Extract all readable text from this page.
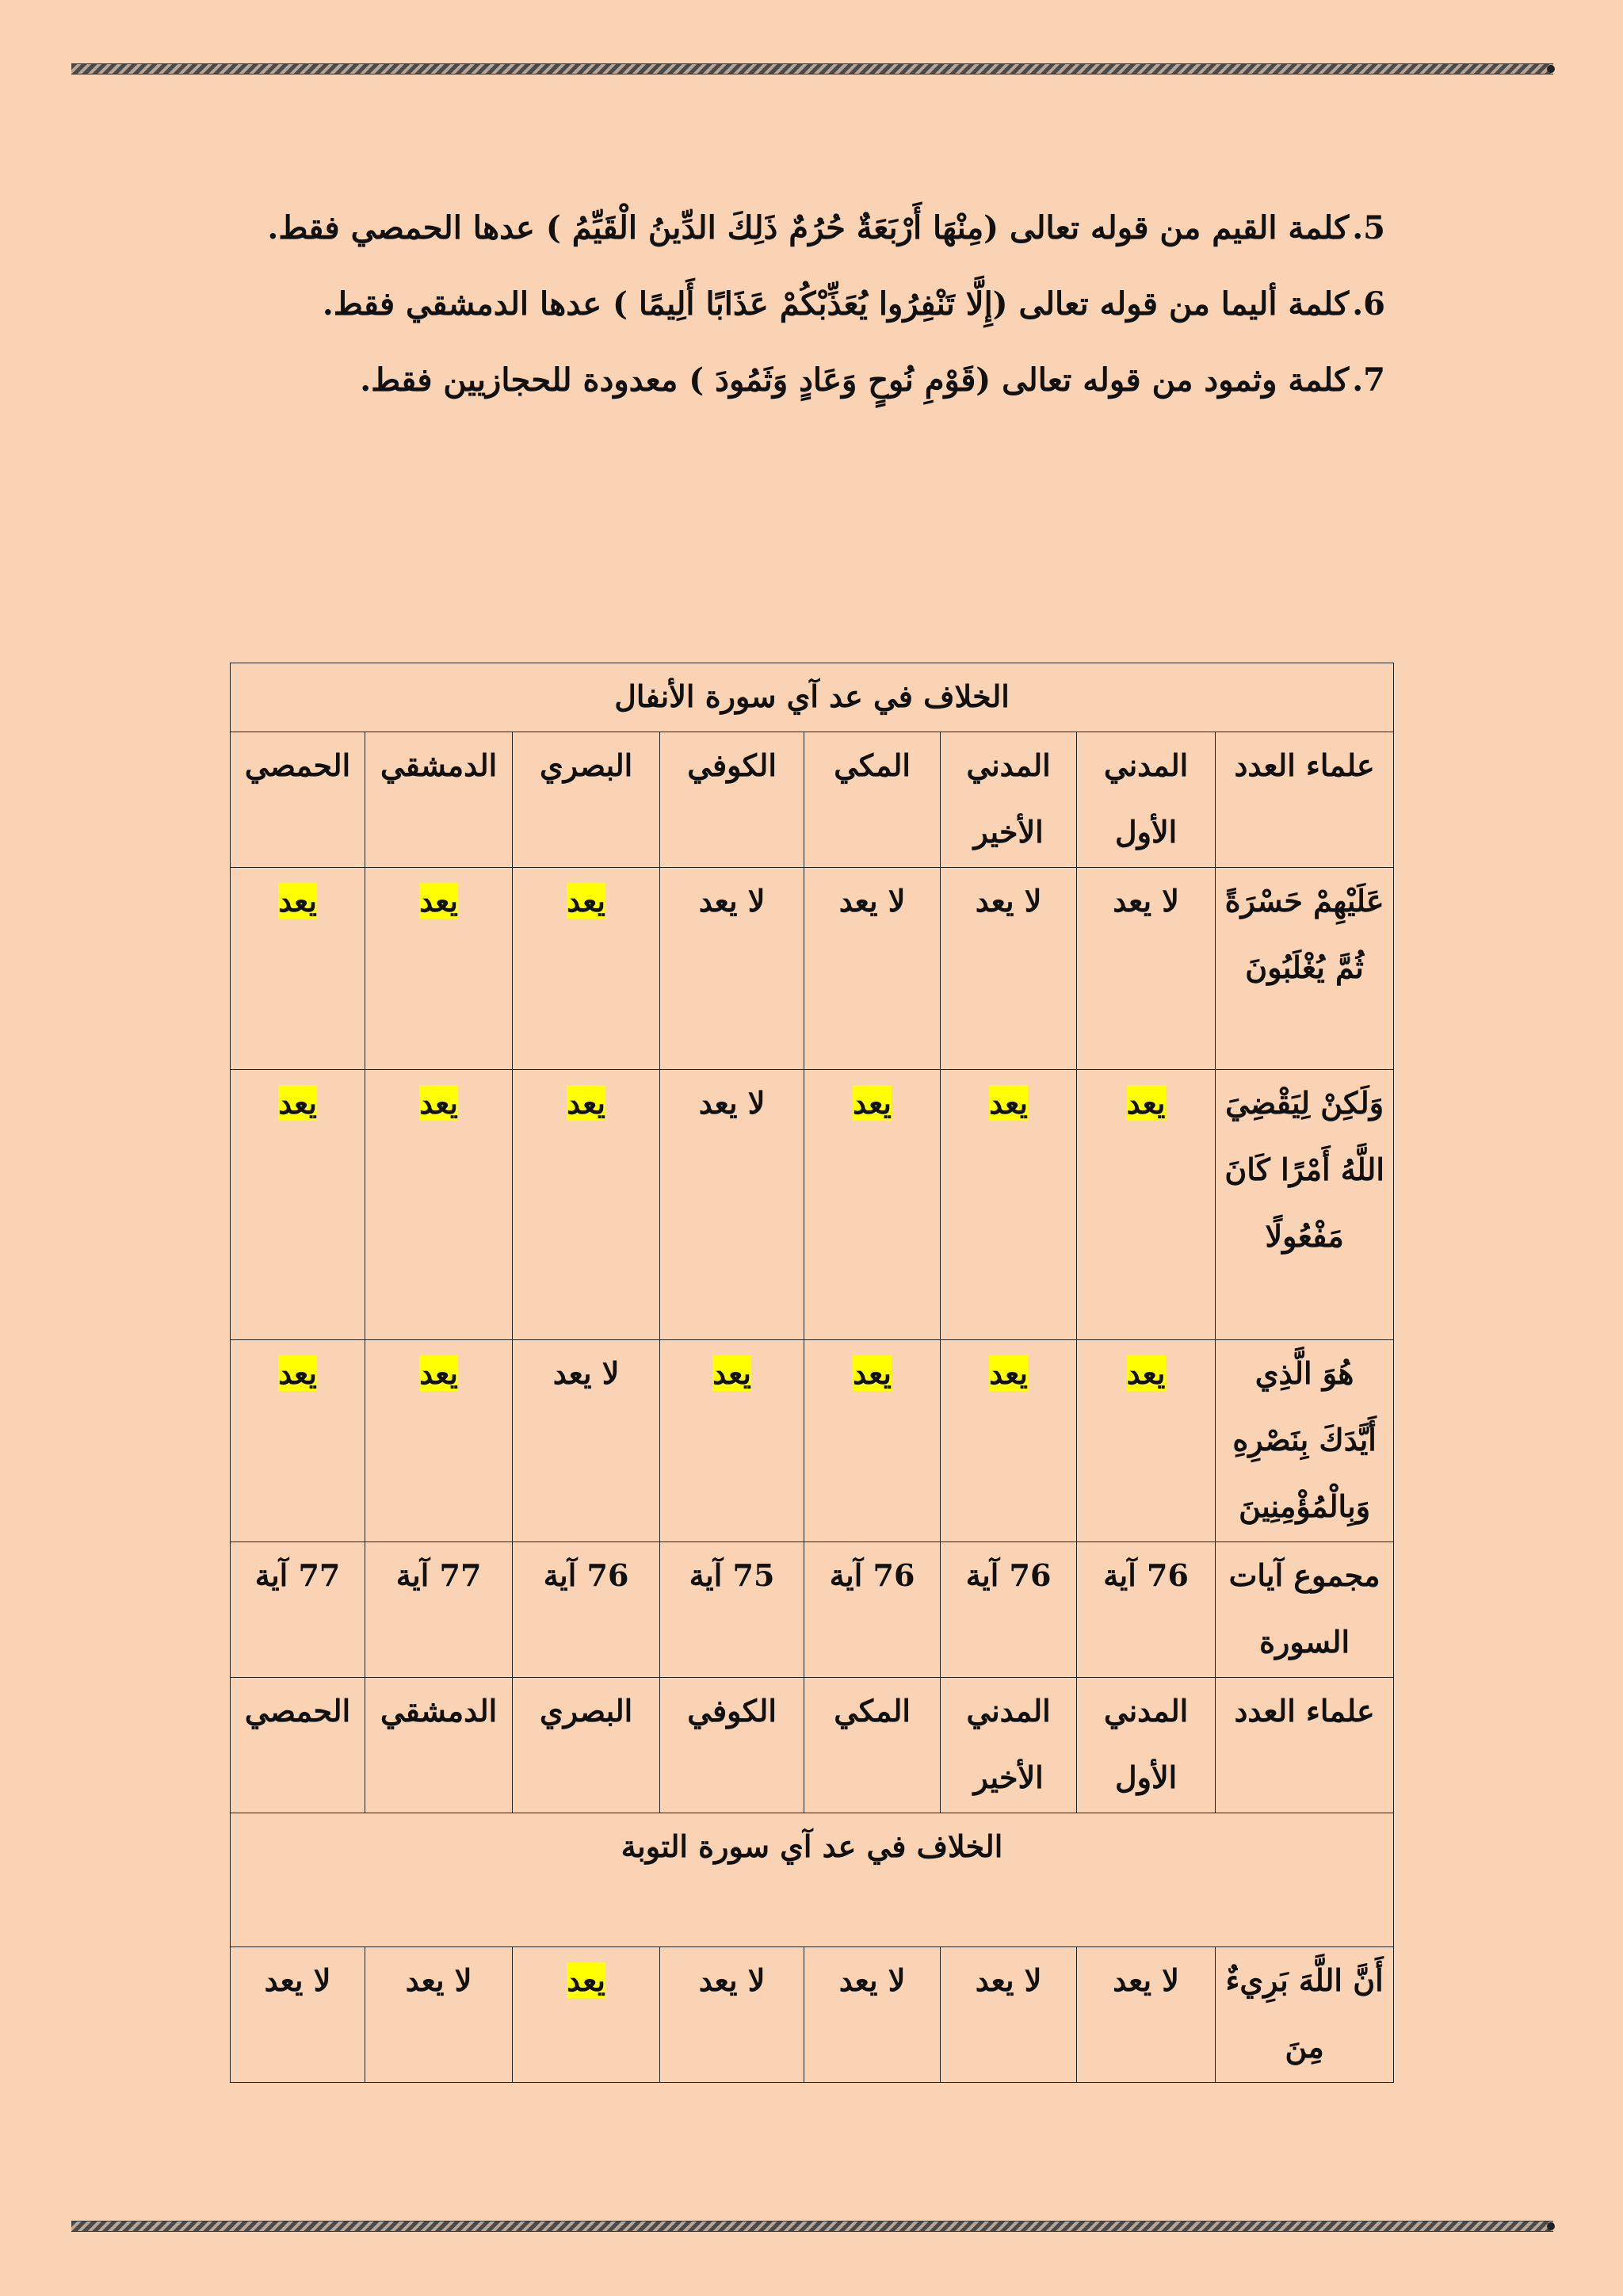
5.كلمة القيم من قوله تعالى (مِنْهَا أَرْبَعَةٌ حُرُمٌ ذَلِكَ الدِّينُ الْقَيِّمُ ) عدها الحمصي فقط.
6.كلمة أليما من قوله تعالى (إِلَّا تَنْفِرُوا يُعَذِّبْكُمْ عَذَابًا أَلِيمًا ) عدها الدمشقي فقط.
7.كلمة وثمود من قوله تعالى (قَوْمِ نُوحٍ وَعَادٍ وَثَمُودَ ) معدودة للحجازيين فقط.
الخلاف في عد آي سورة الأنفال							
علماء العدد	المدني الأول	المدني الأخير	المكي	الكوفي	البصري	الدمشقي	الحمصي
عَلَيْهِمْ حَسْرَةً ثُمَّ يُغْلَبُونَ	لا يعد	لا يعد	لا يعد	لا يعد	يعد	يعد	يعد
وَلَكِنْ لِيَقْضِيَ اللَّهُ أَمْرًا كَانَ مَفْعُولًا	يعد	يعد	يعد	لا يعد	يعد	يعد	يعد
هُوَ الَّذِي أَيَّدَكَ بِنَصْرِهِ وَبِالْمُؤْمِنِينَ	يعد	يعد	يعد	يعد	لا يعد	يعد	يعد
مجموع آيات السورة	76 آية	76 آية	76 آية	75 آية	76 آية	77 آية	77 آية
علماء العدد	المدني الأول	المدني الأخير	المكي	الكوفي	البصري	الدمشقي	الحمصي
الخلاف في عد آي سورة التوبة							
أَنَّ اللَّهَ بَرِيءٌ مِنَ	لا يعد	لا يعد	لا يعد	لا يعد	يعد	لا يعد	لا يعد
